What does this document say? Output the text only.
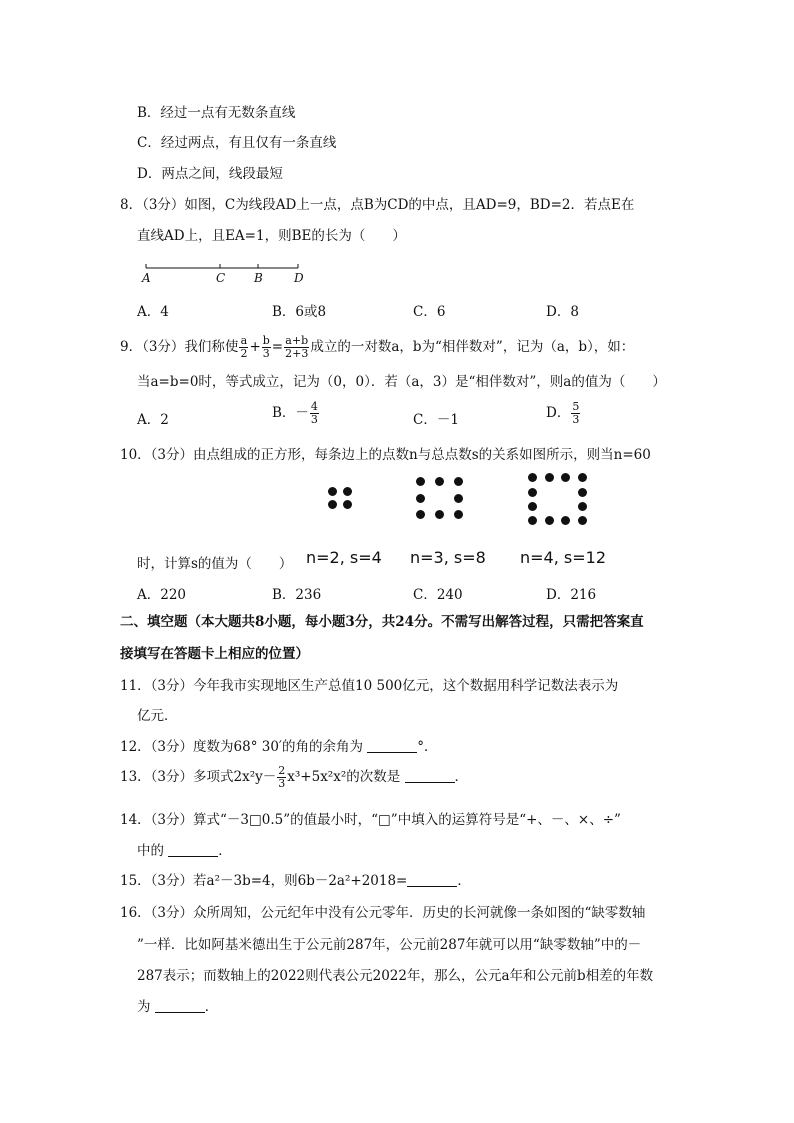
B．经过一点有无数条直线
C．经过两点，有且仅有一条直线
D．两点之间，线段最短
8．（3分）如图，C为线段AD上一点，点B为CD的中点，且AD=9，BD=2．若点E在
直线AD上，且EA=1，则BE的长为（　　）
A	C B	D
A．4	B．6或8	C．6	D．8
9．（3分）我们称使 $\frac{a}{2} + \frac{b}{3} = \frac{a+b}{2+3}$ 成立的一对数a，b为“相伴数对”，记为（a，b），如：
当a=b=0时，等式成立，记为（0，0）．若（a，3）是“相伴数对”，则a的值为（　　）
A．2	B．－ $\frac{4}{3}$	C．－1	D． $\frac{5}{3}$
10．（3分）由点组成的正方形，每条边上的点数n与总点数s的关系如图所示，则当n=60
时，计算s的值为（　　） n=2, s=4 n=3, s=8 n=4, s=12
A．220	B．236	C．240	D．216
二、填空题（本大题共8小题，每小题3分，共24分。不需写出解答过程，只需把答案直
接填写在答题卡上相应的位置）
11．（3分）今年我市实现地区生产总值10 500亿元，这个数据用科学记数法表示为
亿元．
12．（3分）度数为68° 30′的角的余角为	°．
13．（3分）多项式$2x^2y- \frac{2}{3} x^3+5x^2x^2$的次数是	．
14．（3分）算式“－3□0.5”的值最小时，“□”中填入的运算符号是“+、－、×、÷”
中的	．
15．（3分）若a²－3b=4，则6b－2a²+2018=	．
16．（3分）众所周知，公元纪年中没有公元零年．历史的长河就像一条如图的“缺零数轴
”一样．比如阿基米德出生于公元前287年，公元前287年就可以用“缺零数轴”中的－
287表示；而数轴上的2022则代表公元2022年，那么，公元a年和公元前b相差的年数
为	．
